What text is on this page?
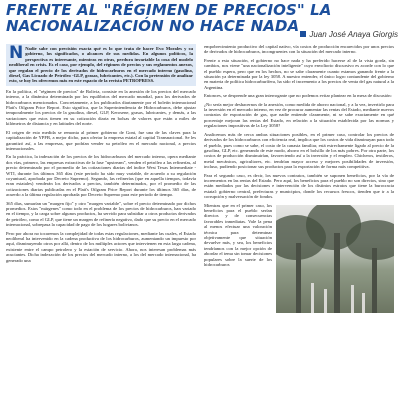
FRENTE AL "RÉGIMEN DE PRECIOS" LA NACIONALIZACIÓN NO HACE NADA	Juan José Anaya Giorgis

N Nadie sabe con precisión exacta qué es lo que trata de hacer Evo Morales y su gobierno, los significados, o alcances de sus medidas. En algunos políticos, la perspectiva es interesante, mientras en otras, perdura invariable la cosa del modelo neoliberal en crisis. Es el caso, por ejemplo, del régimen de precios y sus reglamentos anexos, que regulan el precio de los derivados de hidrocarburos en el mercado interno (gasolina, diesel, Gas Licuado de Petróleo -GLP, grasas, lubricantes, etc.). Con la pretensión de analizar esto, se hoy les ofrecemos más en este espacio de la revista PETROPRESS.

En la política, el "régimen de precios" de Bolivia, consiste en la anexión de los precios del mercado interno, a la dinámica determinada por los equilibrios del mercado mundial, para los derivados de hidrocarburos mencionados. Concretamente, a los publicados diariamente por el boletín internacional Platt's Oilgram Price Report. Esto significa, que la Superintendencia de Hidrocarburos, debe ajustar temporalmente los precios de la gasolina, diesel, GLP, Kerosene, grasas, lubricantes, y demás, a las variaciones que estos tienen en su cotización diaria en bolsas de valores que están a miles de kilómetros de distancia y en latitudes del norte.

El origen de esto medida se remonta al primer gobierno de Goni, fue una de las claves para la capitalización de YPFB, a mejor dicho, para ofertar la empresa estatal al capital Transnacional. Se les garantizó así, a las empresas, que podrían vender su petróleo en el mercado nacional, a precios internacionales.

En la práctica, la indexación de los precios de los hidrocarburos del mercado interno, opera mediante dos vías, primero, las empresas extractivas de la fase "upstream", venden el petróleo a las refinerías, al precio determinado por el promedio de las cotizaciones diarias del índice West Texas Intermediate - WTI, durante los últimos 365 días (este periodo ha sido muy variable, de acuerdo a su regulación coyuntural, aprobada por Decreto Supremo). Segundo, las refinerías (que en aquella tiempos, todavía eran estatales) venderán los derivados a precios, también determinados, por el promedio de las cotizaciones diarias publicadas en el Platt's Oilgram Price Report durante los últimos 365 días, de acuerdo a la última regulación aprobada por Decreto Supremo para este periodo de tiempo.

365 días, sumarían un "margen fijo" y otro "margen variable", sobre el precio determinado por dichos promedios. Estos "márgenes" como todo en el problema de los precios de hidrocarburos, han variado en el tiempo, y la carga sobre algunos productos, ha servido para subsidiar a otros productos derivados de petróleo, como el GLP, que tiene un margen de refinería negativo, dado que su precio en el mercado internacional, sobrepasa la capacidad de pago de los hogares bolivianos.

Pero por ahora no tocaremos la complejidad de todas estas regulaciones, mediante las cuales, el Estado neoliberal ha intervenido en la cadena productiva de los hidrocarburos, aumentando un impuesto por aquí, disminuyendo otros por allá, dentro de los múltiples actores que intervienen en esta larga cadena, existente entre el campo petrolero y la estación de servicio. Ahora, nos interesan problemas más acuciantes. Dicha indexación de los precios del mercado interno, a los del mercado internacional, ha generado una

empobrecimiento productivo del capital nativo, vía costos de producción encarecidos por unos precios de derivados de hidrocarburos, incongruentes con la situación del mercado interno.

Frente a esta situación, el gobierno no hace nada y ha preferido hacerse al de la vista gorda, sin cambios, nos viene "una nacionalización inteligente" cuyo envoltorio discursivo es acorde con lo que el pueblo espera, pero que en los hechos, no se sabe claramente cuanto estamos ganando frente a la situación ya determinada por la ley 3058. A nuestro entender, el único logro contundente del gobierno en materia de política hidrocarburífera, ha sido el incremento a los precios de venta del gas natural a la Argentina.

Entonces, se desprende una gran interrogante que no podemos evitar plantear en la mesa de discusión:

¿No sería mejor deshacernos de la anexión, como medida de ahorro nacional, y a la vez, invertirlo para la inversión en el mercado interno, en vez de procurar aumentar las rentas del Estado, mediante nuevos contratos de exportación de gas, que nadie entiende claramente, ni se sabe exactamente en qué porcentaje mejoran las rentas del Estado, en relación a la situación establecida por las normas y regulaciones impositivas de la Ley 3058?

Analicemos más de cerca ambas situaciones posibles, en el primer caso, controlar los precios de derivados de los hidrocarburos con eficiencia real, implica que los costos de vida disminuyan para todo el pueblo, pues como se sabe, el costo de la canasta familiar, está estrechamente ligado al precio de la gasolina, GLP, etc. generando de este modo, ahorro en el bolsillo de los más pobres. Por otra parte, los costos de producción disminuirían, favoreciendo así a la inversión y el empleo. Chicheros, textileros, metal mecánicos, agricultores, etc. tendrían mayor acceso y mejores posibilidades de inversión, incluso, pudiendo posicionar sus productos para la exportación de forma más competitiva.

Para el segundo caso, es decir, los nuevos contratos, también se suponen beneficios, por la vía de incrementos en las rentas del Estado. Pero aquí, los beneficios para el pueblo no son directos, sino que están mediados por las decisiones e intervención de los distintos estratos que tiene la burocracia estatal: gobierno central, prefecturas y municipios, donde los recursos frescos, tienden que ir a la corrupción y malversación de fondos.

Mientras que en el primer caso, los beneficios para el pueblo serían directos y de consecuencias favorables inmediatas. Vale la pena al menos efectuar una valoración técnica para determinar objetivamente que situación devuelve más, y sea, los beneficios tendríamos con la mejor opción de abordar el tema sin tomar decisiones populares sobre la suerte de los hidrocarburos
